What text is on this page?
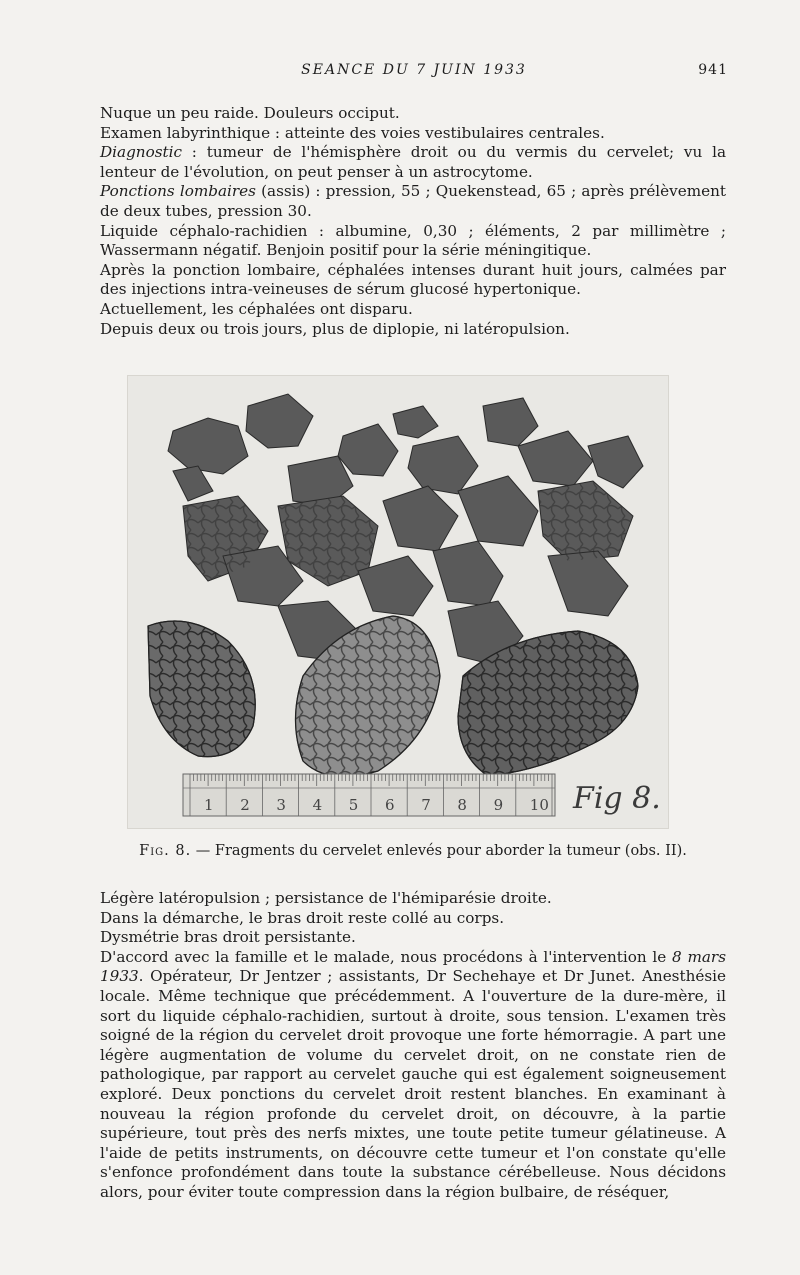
SEANCE DU 7 JUIN 1933	941

Nuque un peu raide. Douleurs occiput.

Examen labyrinthique : atteinte des voies vestibulaires centrales.

Diagnostic : tumeur de l'hémisphère droit ou du vermis du cervelet; vu la lenteur de l'évolution, on peut penser à un astrocytome.

Ponctions lombaires (assis) : pression, 55 ; Quekenstead, 65 ; après prélèvement de deux tubes, pression 30.

Liquide céphalo-rachidien : albumine, 0,30 ; éléments, 2 par millimètre ; Wassermann négatif. Benjoin positif pour la série méningitique.

Après la ponction lombaire, céphalées intenses durant huit jours, calmées par des injections intra-veineuses de sérum glucosé hypertonique.

Actuellement, les céphalées ont disparu.

Depuis deux ou trois jours, plus de diplopie, ni latéropulsion.

1 2 3 4 5 6 7 8 9 10 Fig 8.
Fig. 8. — Fragments du cervelet enlevés pour aborder la tumeur (obs. II).

Légère latéropulsion ; persistance de l'hémiparésie droite.

Dans la démarche, le bras droit reste collé au corps.

Dysmétrie bras droit persistante.

D'accord avec la famille et le malade, nous procédons à l'intervention le 8 mars 1933. Opérateur, Dr Jentzer ; assistants, Dr Sechehaye et Dr Junet. Anesthésie locale. Même technique que précédemment. A l'ouverture de la dure-mère, il sort du liquide céphalo-rachidien, surtout à droite, sous tension. L'examen très soigné de la région du cervelet droit provoque une forte hémorragie. A part une légère augmentation de volume du cervelet droit, on ne constate rien de pathologique, par rapport au cervelet gauche qui est également soigneusement exploré. Deux ponctions du cervelet droit restent blanches. En examinant à nouveau la région profonde du cervelet droit, on découvre, à la partie supérieure, tout près des nerfs mixtes, une toute petite tumeur gélatineuse. A l'aide de petits instruments, on découvre cette tumeur et l'on constate qu'elle s'enfonce profondément dans toute la substance cérébelleuse. Nous décidons alors, pour éviter toute compression dans la région bulbaire, de réséquer,
